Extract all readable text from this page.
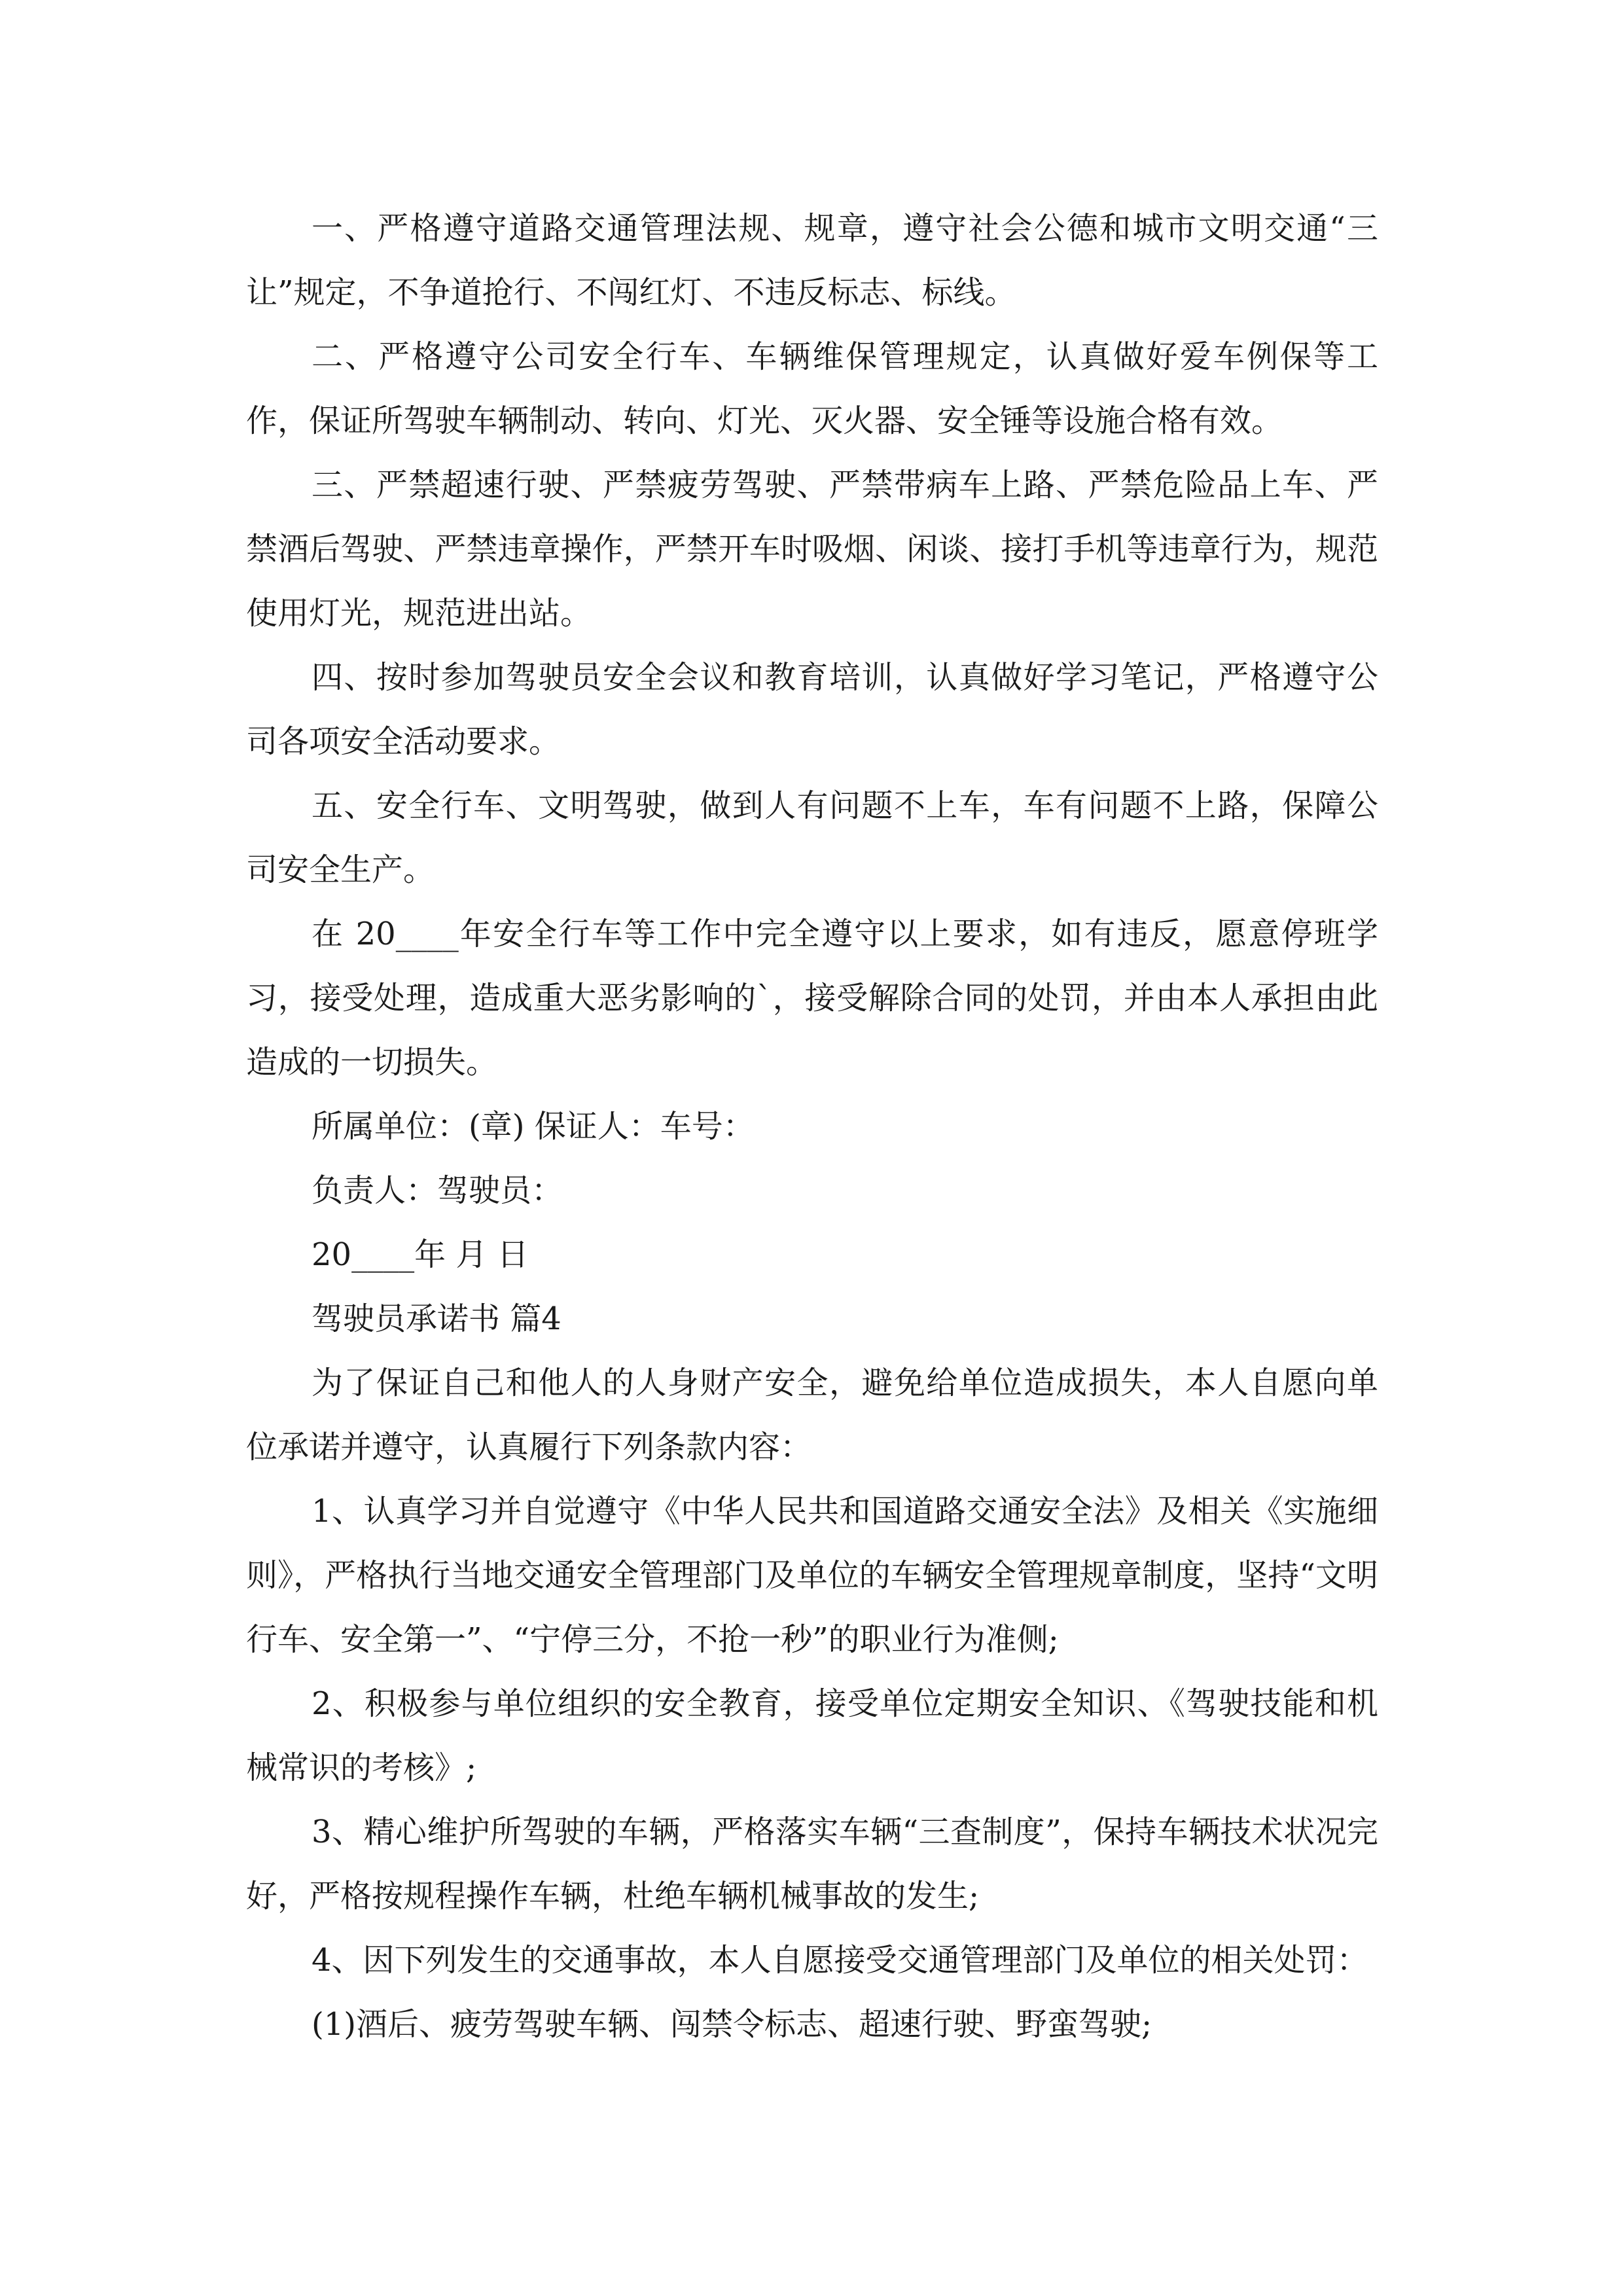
一、严格遵守道路交通管理法规、规章，遵守社会公德和城市文明交通“三让”规定，不争道抢行、不闯红灯、不违反标志、标线。

二、严格遵守公司安全行车、车辆维保管理规定，认真做好爱车例保等工作，保证所驾驶车辆制动、转向、灯光、灭火器、安全锤等设施合格有效。

三、严禁超速行驶、严禁疲劳驾驶、严禁带病车上路、严禁危险品上车、严禁酒后驾驶、严禁违章操作，严禁开车时吸烟、闲谈、接打手机等违章行为，规范使用灯光，规范进出站。

四、按时参加驾驶员安全会议和教育培训，认真做好学习笔记，严格遵守公司各项安全活动要求。

五、安全行车、文明驾驶，做到人有问题不上车，车有问题不上路，保障公司安全生产。

在 20____年安全行车等工作中完全遵守以上要求，如有违反，愿意停班学习，接受处理，造成重大恶劣影响的`，接受解除合同的处罚，并由本人承担由此造成的一切损失。

所属单位：(章) 保证人：车号：

负责人：驾驶员：

20____年 月 日

驾驶员承诺书 篇4

为了保证自己和他人的人身财产安全，避免给单位造成损失，本人自愿向单位承诺并遵守，认真履行下列条款内容：

1、认真学习并自觉遵守《中华人民共和国道路交通安全法》及相关《实施细则》，严格执行当地交通安全管理部门及单位的车辆安全管理规章制度，坚持“文明行车、安全第一”、“宁停三分，不抢一秒”的职业行为准侧;

2、积极参与单位组织的安全教育，接受单位定期安全知识、《驾驶技能和机械常识的考核》;

3、精心维护所驾驶的车辆，严格落实车辆“三查制度”，保持车辆技术状况完好，严格按规程操作车辆，杜绝车辆机械事故的发生;

4、因下列发生的交通事故，本人自愿接受交通管理部门及单位的相关处罚：

(1)酒后、疲劳驾驶车辆、闯禁令标志、超速行驶、野蛮驾驶;
